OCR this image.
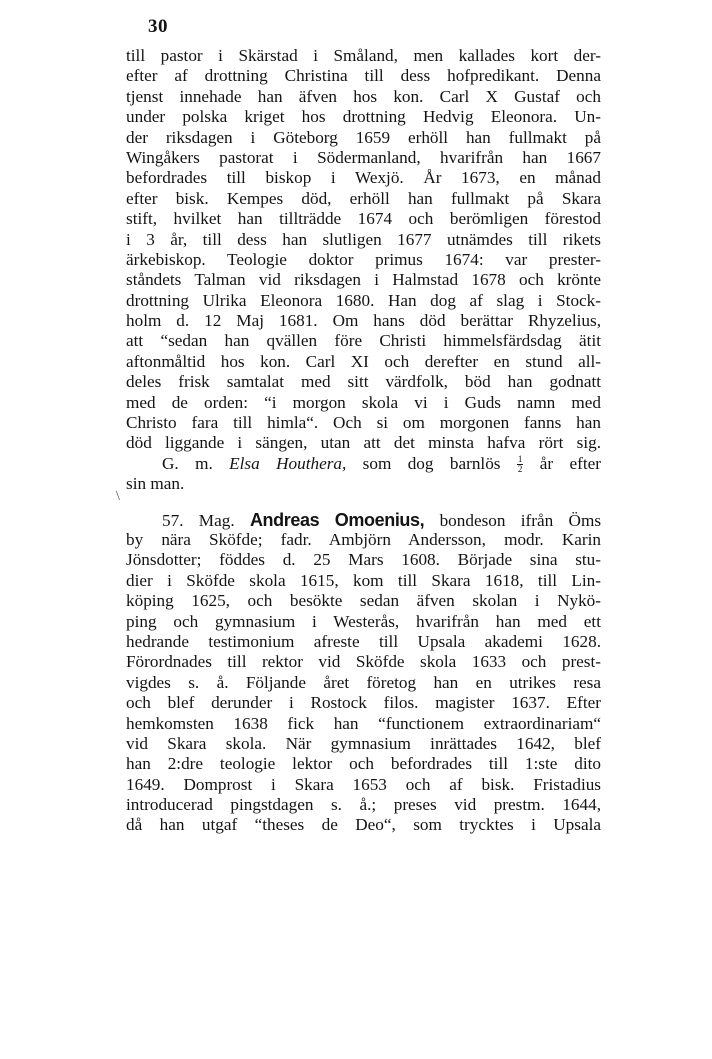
30
\
till pastor i Skärstad i Småland, men kallades kort der-
efter af drottning Christina till dess hofpredikant. Denna
tjenst innehade han äfven hos kon. Carl X Gustaf och
under polska kriget hos drottning Hedvig Eleonora. Un-
der riksdagen i Göteborg 1659 erhöll han fullmakt på
Wingåkers pastorat i Södermanland, hvarifrån han 1667
befordrades till biskop i Wexjö. År 1673, en månad
efter bisk. Kempes död, erhöll han fullmakt på Skara
stift, hvilket han tillträdde 1674 och berömligen förestod
i 3 år, till dess han slutligen 1677 utnämdes till rikets
ärkebiskop. Teologie doktor primus 1674: var prester-
ståndets Talman vid riksdagen i Halmstad 1678 och krönte
drottning Ulrika Eleonora 1680. Han dog af slag i Stock-
holm d. 12 Maj 1681. Om hans död berättar Rhyzelius,
att “sedan han qvällen före Christi himmelsfärdsdag ätit
aftonmåltid hos kon. Carl XI och derefter en stund all-
deles frisk samtalat med sitt värdfolk, böd han godnatt
med de orden: “i morgon skola vi i Guds namn med
Christo fara till himla“. Och si om morgonen fanns han
död liggande i sängen, utan att det minsta hafva rört sig.
G. m. Elsa Houthera, som dog barnlös $\frac{1}{2}$ år efter
sin man.
57. Mag. Andreas Omoenius, bondeson ifrån Öms
by nära Sköfde; fadr. Ambjörn Andersson, modr. Karin
Jönsdotter; föddes d. 25 Mars 1608. Började sina stu-
dier i Sköfde skola 1615, kom till Skara 1618, till Lin-
köping 1625, och besökte sedan äfven skolan i Nykö-
ping och gymnasium i Westerås, hvarifrån han med ett
hedrande testimonium afreste till Upsala akademi 1628.
Förordnades till rektor vid Sköfde skola 1633 och prest-
vigdes s. å. Följande året företog han en utrikes resa
och blef derunder i Rostock filos. magister 1637. Efter
hemkomsten 1638 fick han “functionem extraordinariam“
vid Skara skola. När gymnasium inrättades 1642, blef
han 2:dre teologie lektor och befordrades till 1:ste dito
1649. Domprost i Skara 1653 och af bisk. Fristadius
introducerad pingstdagen s. å.; preses vid prestm. 1644,
då han utgaf “theses de Deo“, som trycktes i Upsala
